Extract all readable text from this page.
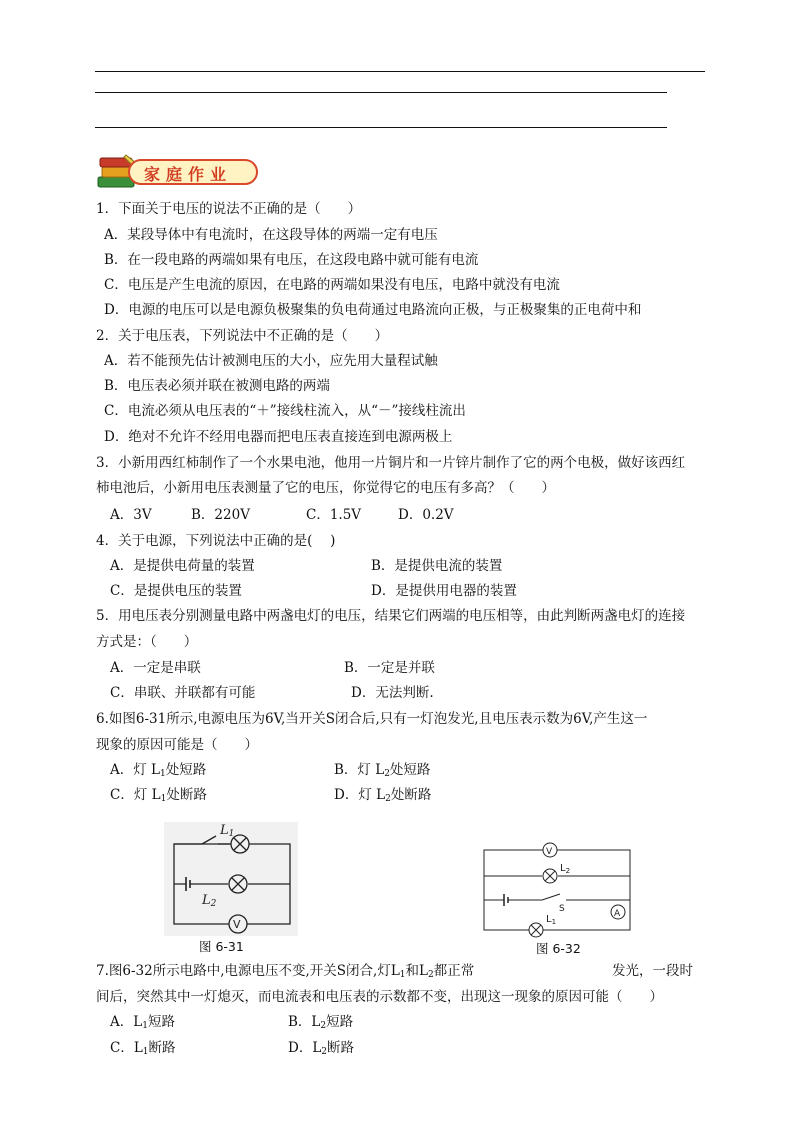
家庭作业
1．下面关于电压的说法不正确的是（　　）
A．某段导体中有电流时，在这段导体的两端一定有电压
B．在一段电路的两端如果有电压，在这段电路中就可能有电流
C．电压是产生电流的原因，在电路的两端如果没有电压，电路中就没有电流
D．电源的电压可以是电源负极聚集的负电荷通过电路流向正极，与正极聚集的正电荷中和
2．关于电压表，下列说法中不正确的是（　　）
A．若不能预先估计被测电压的大小，应先用大量程试触
B．电压表必须并联在被测电路的两端
C．电流必须从电压表的“＋”接线柱流入，从“－”接线柱流出
D．绝对不允许不经用电器而把电压表直接连到电源两极上
3．小新用西红柿制作了一个水果电池，他用一片铜片和一片锌片制作了它的两个电极，做好该西红
柿电池后，小新用电压表测量了它的电压，你觉得它的电压有多高？（　　）
A．3V	B．220V	C．1.5V	D．0.2V
4．关于电源，下列说法中正确的是(　 )
A．是提供电荷量的装置	B．是提供电流的装置
C．是提供电压的装置	D．是提供用电器的装置
5．用电压表分别测量电路中两盏电灯的电压，结果它们两端的电压相等，由此判断两盏电灯的连接
方式是：（　　）
A．一定是串联	B．一定是并联
C．串联、并联都有可能	D．无法判断.
6.如图6-31所示,电源电压为6V,当开关S闭合后,只有一灯泡发光,且电压表示数为6V,产生这一
现象的原因可能是（　　）
A．灯 $L_1$处短路	B．灯 $L_2$处短路
C．灯 $L_1$处断路	D．灯 $L_2$处断路
L1
L2
V
图 6-31
V
A
$L_2$
$L_1$
S
图 6-32
7.图6-32所示电路中,电源电压不变,开关S闭合,灯$L_1$和$L_2$都正常	发光，一段时
间后，突然其中一灯熄灭，而电流表和电压表的示数都不变，出现这一现象的原因可能（　　）
A．$L_1$短路	B．$L_2$短路
C．$L_1$断路	D．$L_2$断路
